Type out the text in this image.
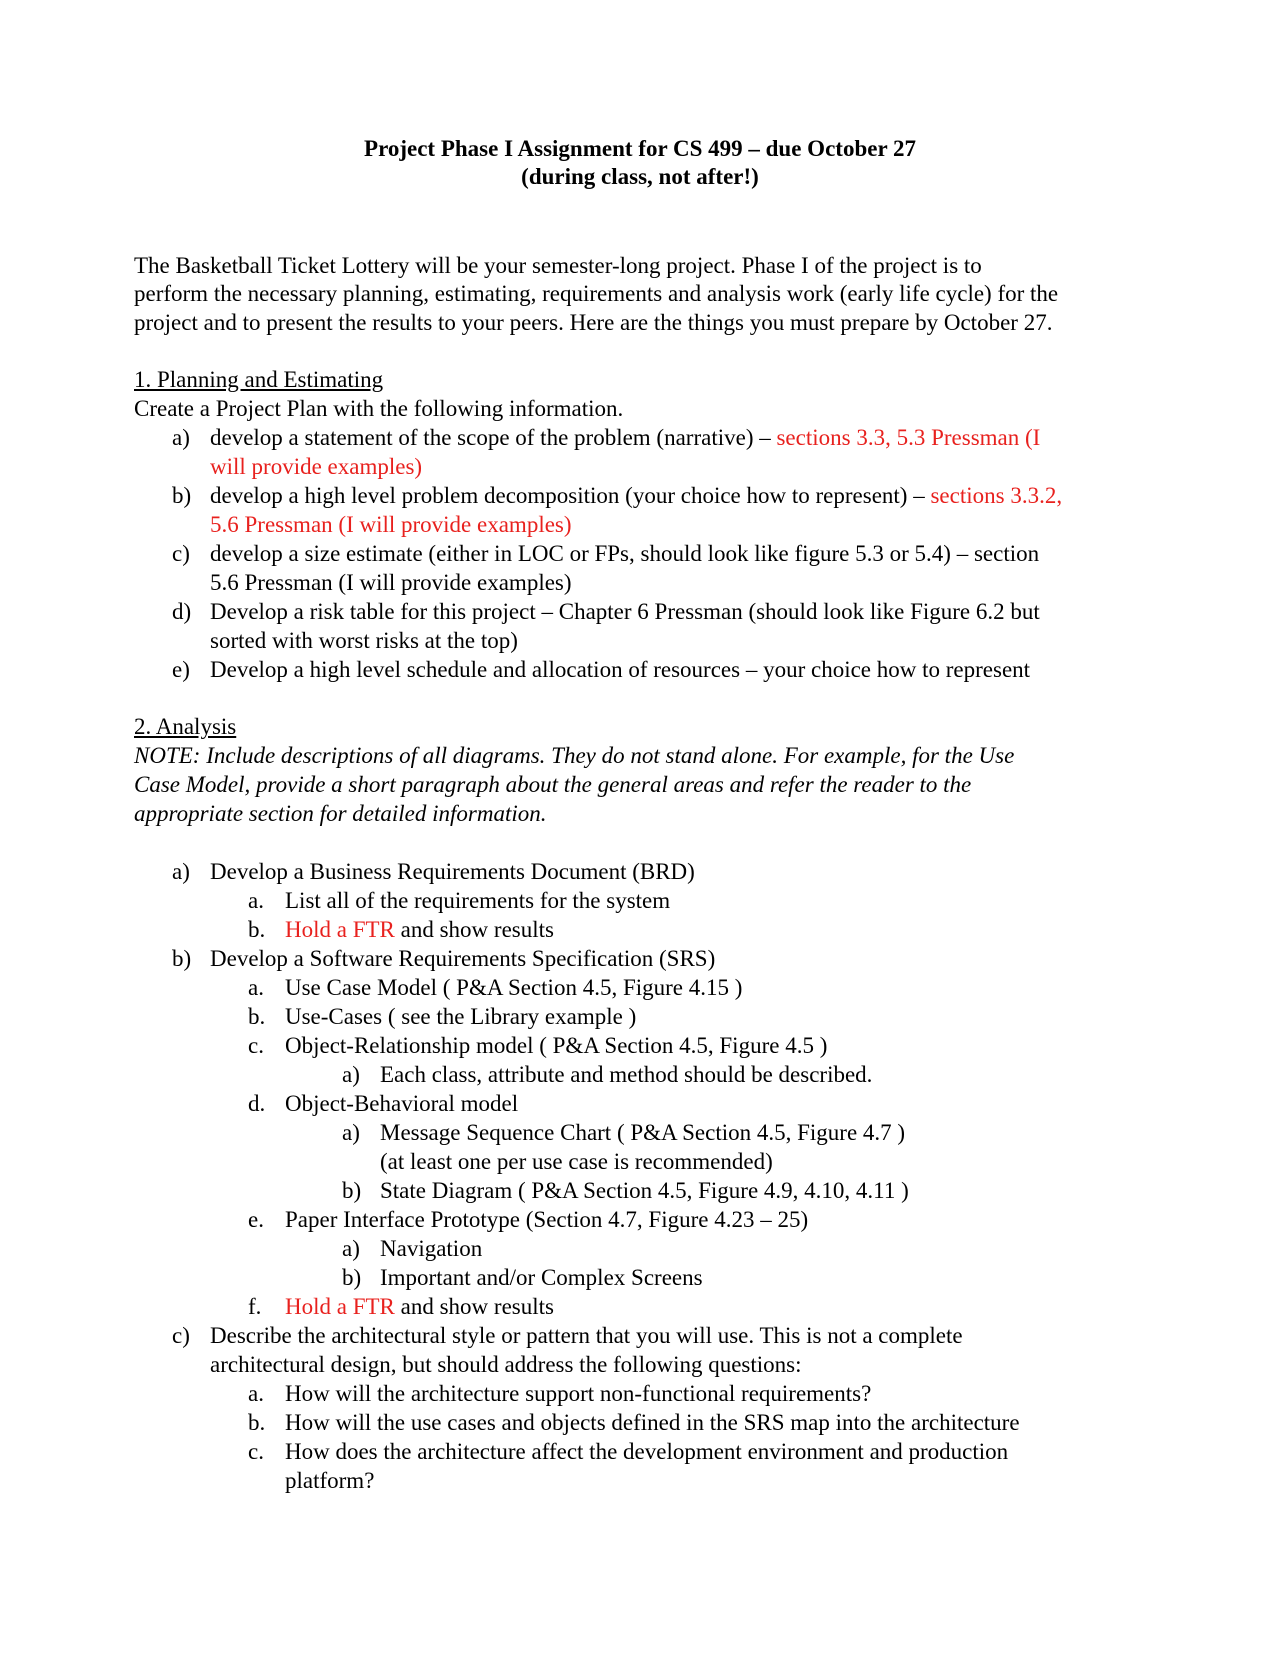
Project Phase I Assignment for CS 499 – due October 27
(during class, not after!)
The Basketball Ticket Lottery will be your semester-long project. Phase I of the project is to
perform the necessary planning, estimating, requirements and analysis work (early life cycle) for the
project and to present the results to your peers. Here are the things you must prepare by October 27.
1. Planning and Estimating
Create a Project Plan with the following information.
a) develop a statement of the scope of the problem (narrative) – sections 3.3, 5.3 Pressman (I
will provide examples)
b) develop a high level problem decomposition (your choice how to represent) – sections 3.3.2,
5.6 Pressman (I will provide examples)
c) develop a size estimate (either in LOC or FPs, should look like figure 5.3 or 5.4) – section
5.6 Pressman (I will provide examples)
d) Develop a risk table for this project – Chapter 6 Pressman (should look like Figure 6.2 but
sorted with worst risks at the top)
e) Develop a high level schedule and allocation of resources – your choice how to represent
2. Analysis
NOTE: Include descriptions of all diagrams. They do not stand alone. For example, for the Use
Case Model, provide a short paragraph about the general areas and refer the reader to the
appropriate section for detailed information.
a) Develop a Business Requirements Document (BRD)
a. List all of the requirements for the system
b. Hold a FTR and show results
b) Develop a Software Requirements Specification (SRS)
a. Use Case Model ( P&A Section 4.5, Figure 4.15 )
b. Use-Cases ( see the Library example )
c. Object-Relationship model ( P&A Section 4.5, Figure 4.5 )
a) Each class, attribute and method should be described.
d. Object-Behavioral model
a) Message Sequence Chart ( P&A Section 4.5, Figure 4.7 )
(at least one per use case is recommended)
b) State Diagram ( P&A Section 4.5, Figure 4.9, 4.10, 4.11 )
e. Paper Interface Prototype (Section 4.7, Figure 4.23 – 25)
a) Navigation
b) Important and/or Complex Screens
f. Hold a FTR and show results
c) Describe the architectural style or pattern that you will use. This is not a complete
architectural design, but should address the following questions:
a. How will the architecture support non-functional requirements?
b. How will the use cases and objects defined in the SRS map into the architecture
c. How does the architecture affect the development environment and production
platform?
